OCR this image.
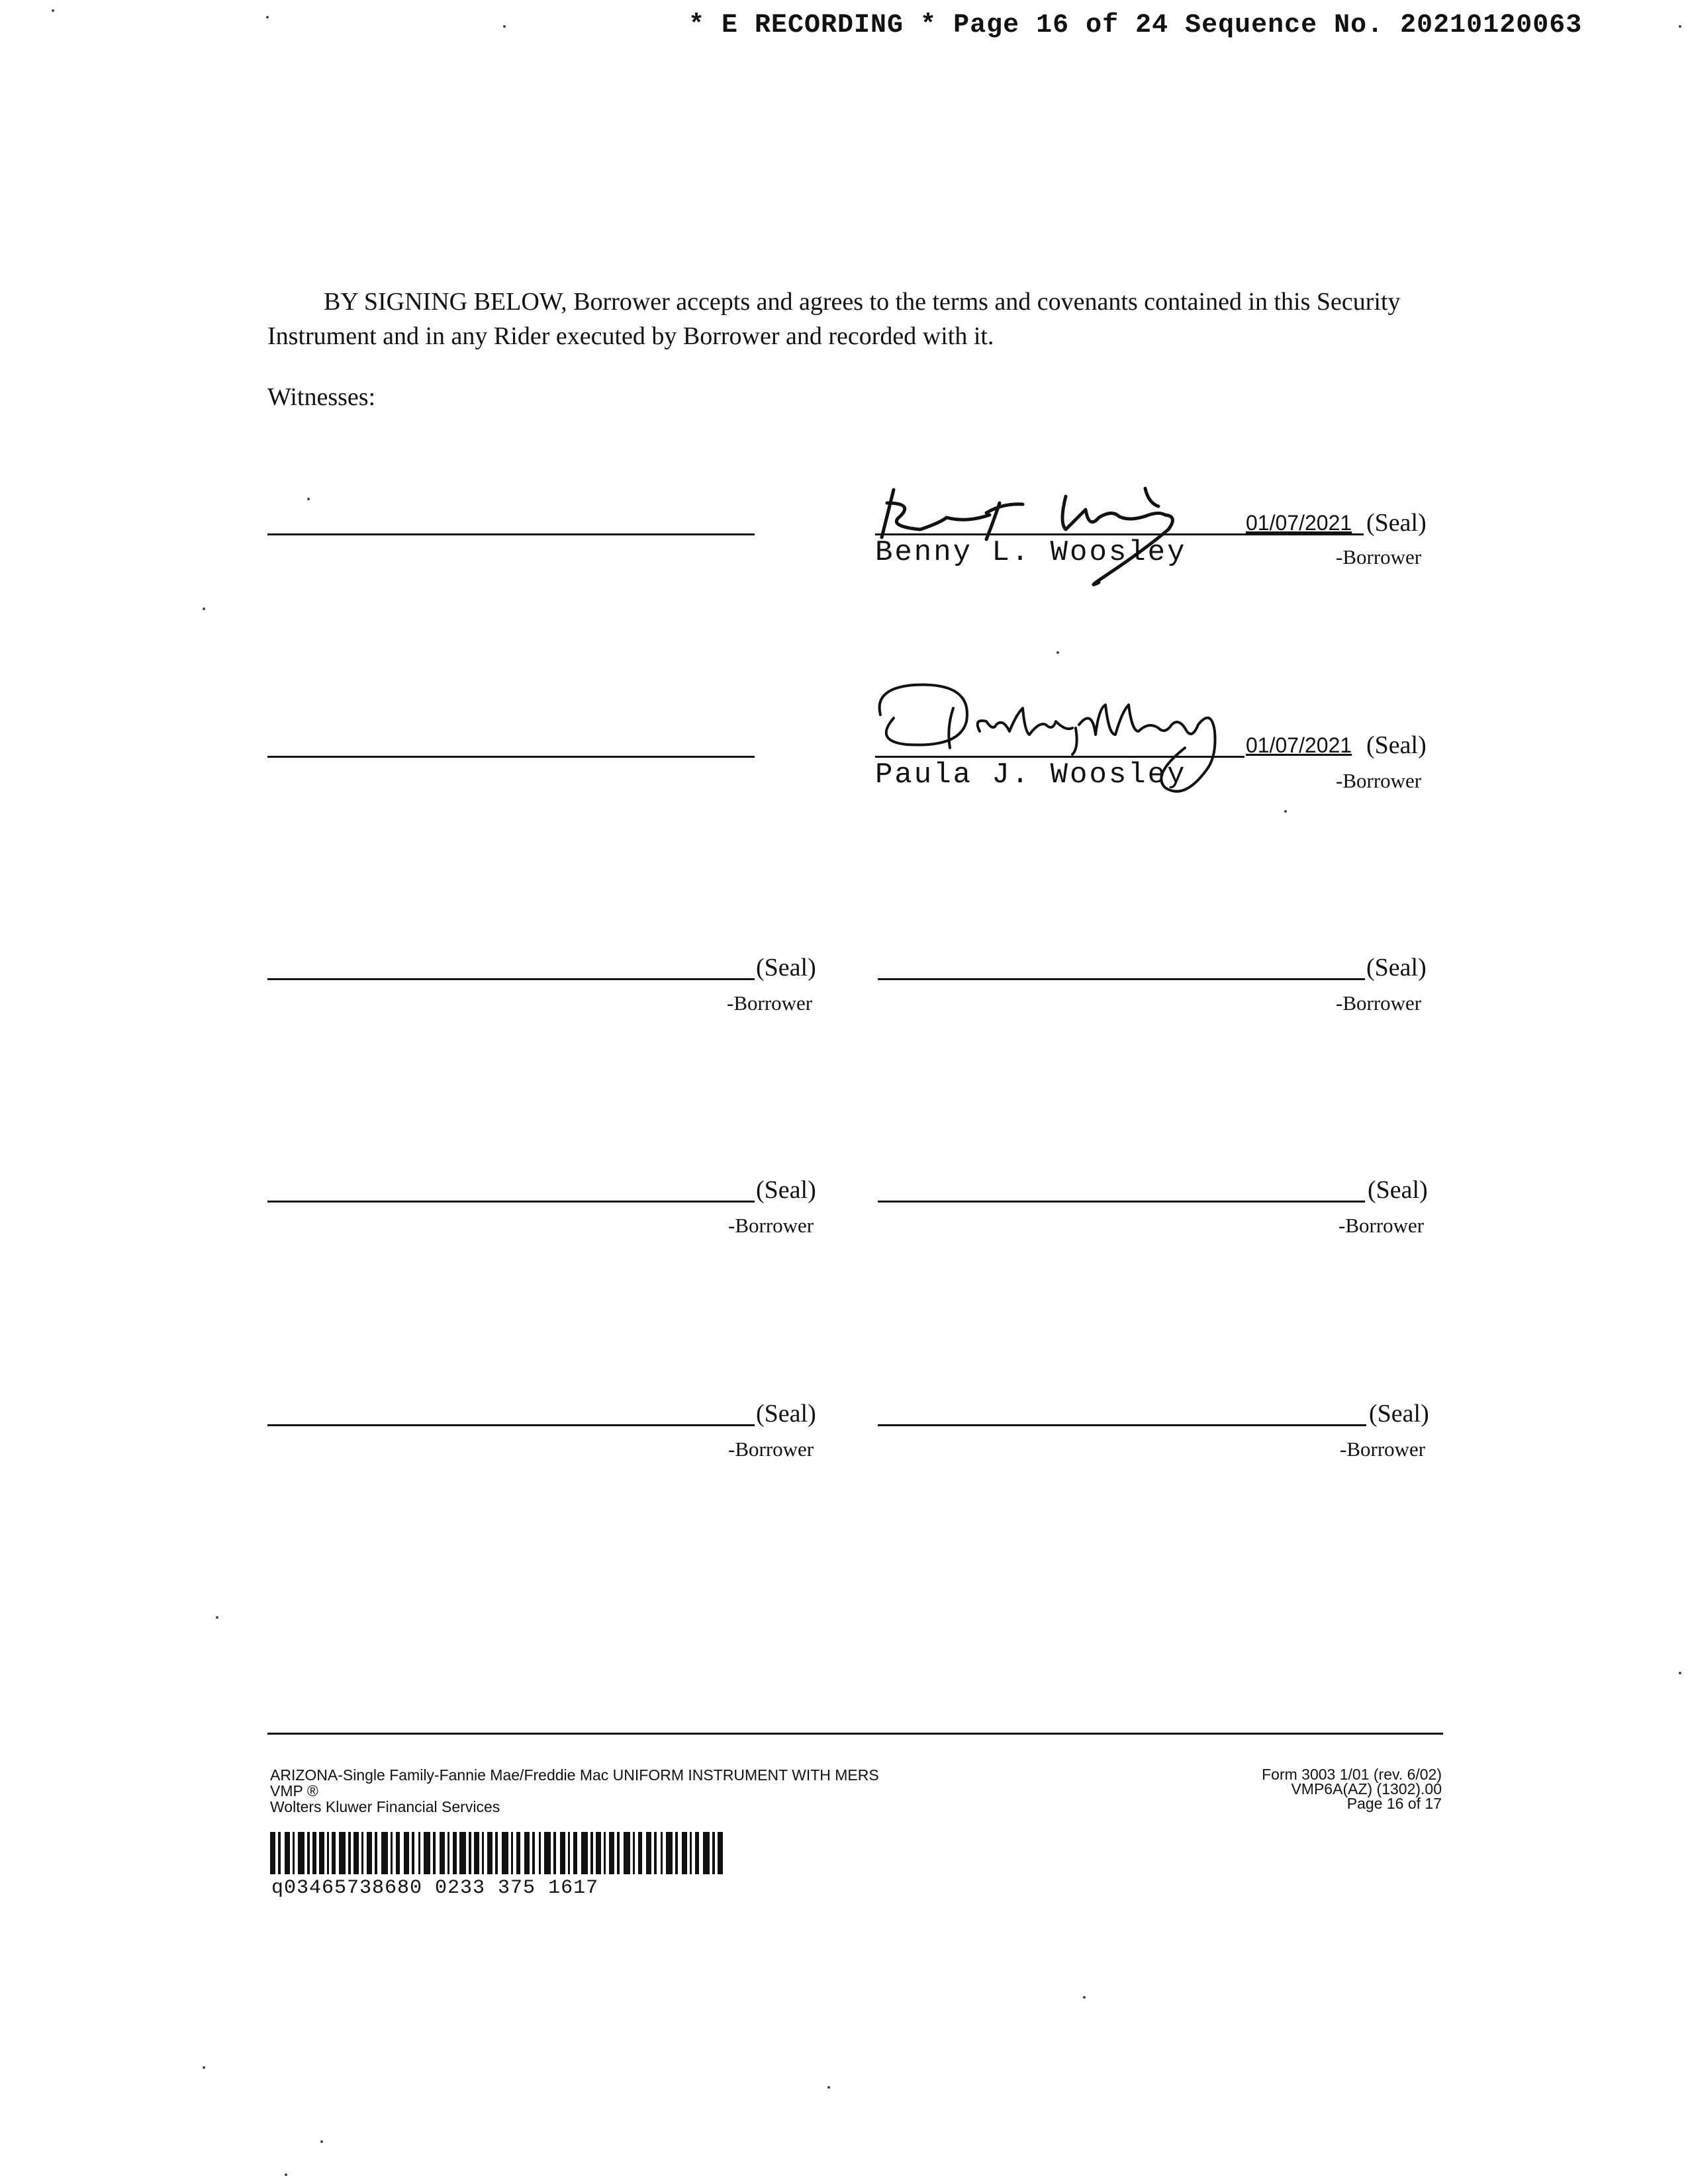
* E RECORDING * Page 16 of 24 Sequence No. 20210120063
BY SIGNING BELOW, Borrower accepts and agrees to the terms and covenants contained in this Security Instrument and in any Rider executed by Borrower and recorded with it.
Witnesses:
Benny L. Woosley
01/07/2021 (Seal)
-Borrower
Paula J. Woosley
01/07/2021 (Seal)
-Borrower
(Seal)
-Borrower
(Seal)
-Borrower
(Seal)
-Borrower
(Seal)
-Borrower
(Seal)
-Borrower
(Seal)
-Borrower
ARIZONA-Single Family-Fannie Mae/Freddie Mac UNIFORM INSTRUMENT WITH MERS
VMP ®
Wolters Kluwer Financial Services
Form 3003 1/01 (rev. 6/02)
VMP6A(AZ) (1302).00
Page 16 of 17
q03465738680 0233 375 1617
